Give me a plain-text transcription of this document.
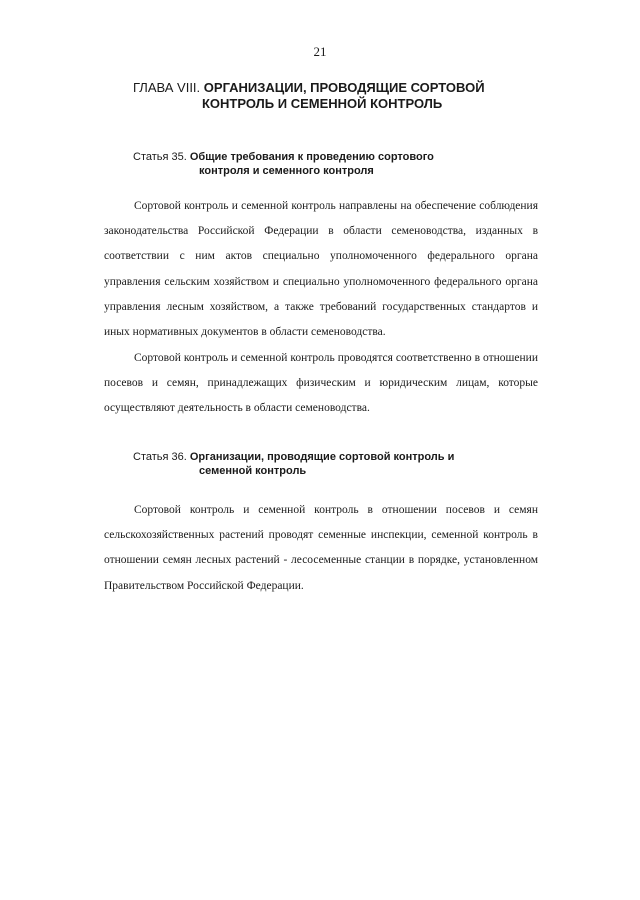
21
ГЛАВА VIII. ОРГАНИЗАЦИИ, ПРОВОДЯЩИЕ СОРТОВОЙ
КОНТРОЛЬ И СЕМЕННОЙ КОНТРОЛЬ
Статья 35. Общие требования к проведению сортового
контроля и семенного контроля

Сортовой контроль и семенной контроль направлены на обеспечение соблюдения законодательства Российской Федерации в области семеноводства, изданных в соответствии с ним актов специально уполномоченного федерального органа управления сельским хозяйством и специально уполномоченного федерального органа управления лесным хозяйством, а также требований государственных стандартов и иных нормативных документов в области семеноводства.

Сортовой контроль и семенной контроль проводятся соответственно в отношении посевов и семян, принадлежащих физическим и юридическим лицам, которые осуществляют деятельность в области семеноводства.

Статья 36. Организации, проводящие сортовой контроль и
семенной контроль

Сортовой контроль и семенной контроль в отношении посевов и семян сельскохозяйственных растений проводят семенные инспекции, семенной контроль в отношении семян лесных растений - лесосеменные станции в порядке, установленном Правительством Российской Федерации.
